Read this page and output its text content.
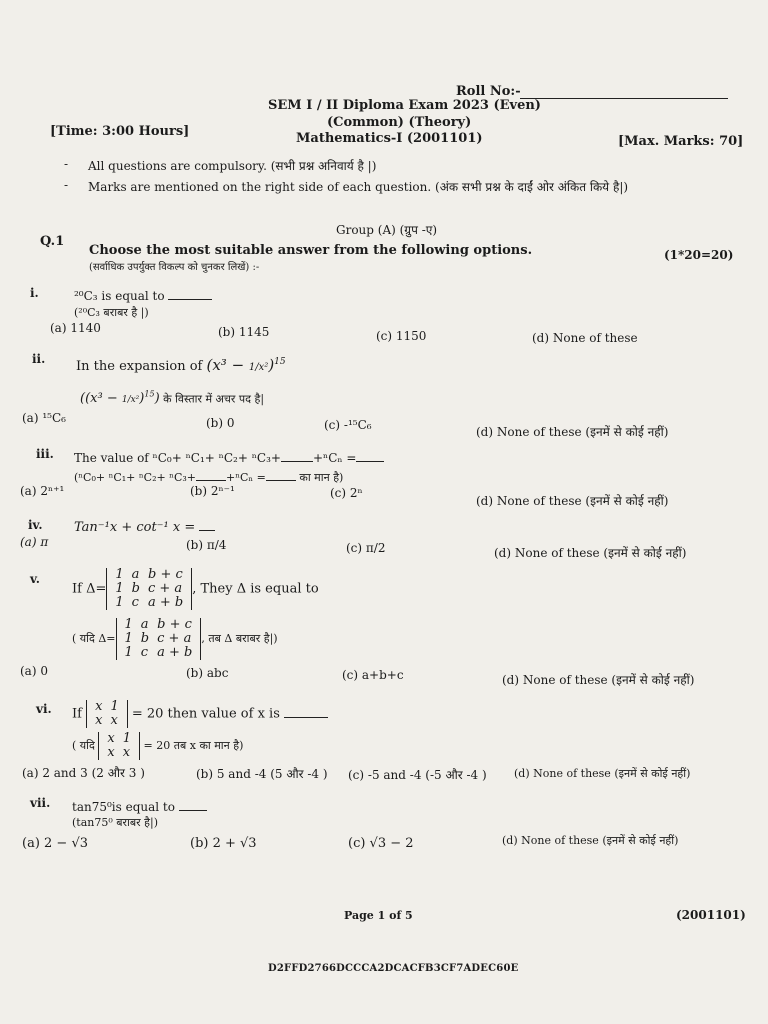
Roll No:-
SEM I / II Diploma Exam 2023 (Even)
(Common) (Theory)
[Time: 3:00 Hours]	Mathematics-I (2001101)	[Max. Marks: 70]
- All questions are compulsory. (सभी प्रश्न अनिवार्य है |)
- Marks are mentioned on the right side of each question. (अंक सभी प्रश्न के दाईं ओर अंकित किये है|)
Group (A) (ग्रुप -ए)
Q.1
Choose the most suitable answer from the following options.
(सर्वाधिक उपर्युक्त विकल्प को चुनकर लिखें) :-
(1*20=20)
i.	²⁰C₃ is equal to
(²⁰C₃ बराबर है |)
(a) 1140	(b) 1145	(c) 1150	(d) None of these
ii. In the expansion of $(x^3 - 1/x^2)^{15}$
$((x^3 - 1/x^2)^{15})$ के विस्तार में अचर पद है|
(a) ¹⁵C₆	(b) 0	(c) -¹⁵C₆	(d) None of these (इनमें से कोई नहीं)
iii. The value of ⁿC₀+ ⁿC₁+ ⁿC₂+ ⁿC₃+	+ⁿCₙ =
(ⁿC₀+ ⁿC₁+ ⁿC₂+ ⁿC₃+	+ⁿCₙ =	का मान है)
(a) 2ⁿ⁺¹	(b) 2ⁿ⁻¹	(c) 2ⁿ
(d) None of these (इनमें से कोई नहीं)
iv. Tan⁻¹x + cot⁻¹ x =
(a) π	(b) π/4	(c) π/2	(d) None of these (इनमें से कोई नहीं)
v.
If Δ=
1	a	b + c
1	b	c + a
1	c	a + b
, They Δ is equal to
( यदि Δ=
1	a	b + c
1	b	c + a
1	c	a + b
, तब Δ बराबर है|)
(a) 0	(b) abc	(c) a+b+c	(d) None of these (इनमें से कोई नहीं)
vi. If x	1
x	x = 20 then value of x is
( यदि x	1
x	x = 20 तब x का मान है)
(a) 2 and 3 (2 और 3 )	(b) 5 and -4 (5 और -4 ) (c) -5 and -4 (-5 और -4 ) (d) None of these (इनमें से कोई नहीं)
vii. tan75⁰is equal to
(tan75⁰ बराबर है|)
(a) 2 − √3	(b) 2 + √3	(c) √3 − 2	(d) None of these (इनमें से कोई नहीं)
Page 1 of 5	(2001101)
D2FFD2766DCCCA2DCACFB3CF7ADEC60E
